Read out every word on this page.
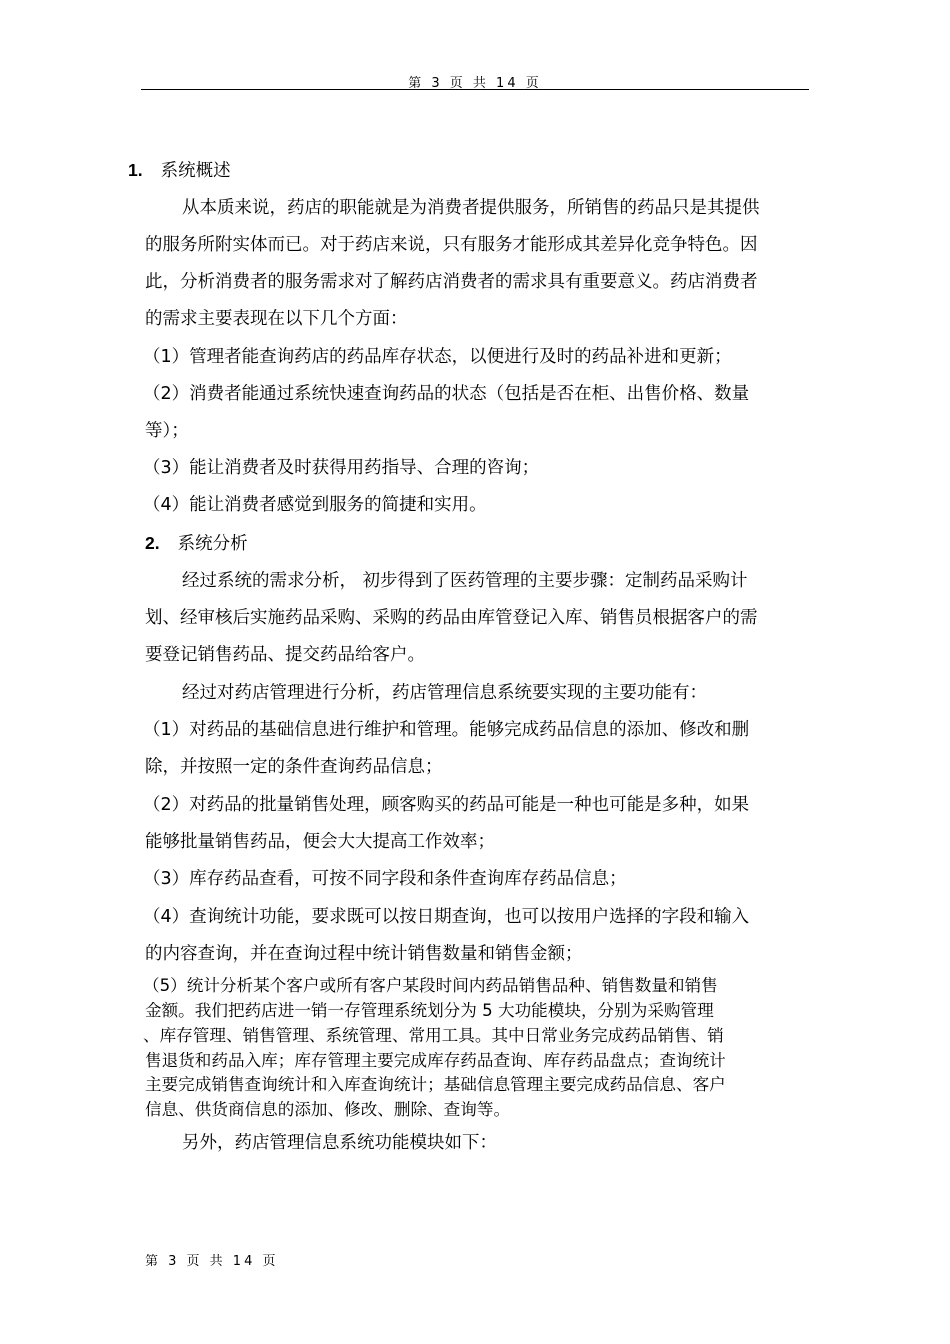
第 3 页 共 14 页
1. 系统概述
从本质来说，药店的职能就是为消费者提供服务，所销售的药品只是其提供
的服务所附实体而已。对于药店来说，只有服务才能形成其差异化竞争特色。因
此，分析消费者的服务需求对了解药店消费者的需求具有重要意义。药店消费者
的需求主要表现在以下几个方面：
（1）管理者能查询药店的药品库存状态，以便进行及时的药品补进和更新；
（2）消费者能通过系统快速查询药品的状态（包括是否在柜、出售价格、数量
等）；
（3）能让消费者及时获得用药指导、合理的咨询；
（4）能让消费者感觉到服务的简捷和实用。
2. 系统分析
经过系统的需求分析， 初步得到了医药管理的主要步骤：定制药品采购计
划、经审核后实施药品采购、采购的药品由库管登记入库、销售员根据客户的需
要登记销售药品、提交药品给客户。
经过对药店管理进行分析，药店管理信息系统要实现的主要功能有：
（1）对药品的基础信息进行维护和管理。能够完成药品信息的添加、修改和删
除，并按照一定的条件查询药品信息；
（2）对药品的批量销售处理，顾客购买的药品可能是一种也可能是多种，如果
能够批量销售药品，便会大大提高工作效率；
（3）库存药品查看，可按不同字段和条件查询库存药品信息；
（4）查询统计功能，要求既可以按日期查询，也可以按用户选择的字段和输入
的内容查询，并在查询过程中统计销售数量和销售金额；
（5）统计分析某个客户或所有客户某段时间内药品销售品种、销售数量和销售
金额。我们把药店进一销一存管理系统划分为 5 大功能模块，分别为采购管理
、库存管理、销售管理、系统管理、常用工具。其中日常业务完成药品销售、销
售退货和药品入库；库存管理主要完成库存药品查询、库存药品盘点；查询统计
主要完成销售查询统计和入库查询统计；基础信息管理主要完成药品信息、客户
信息、供货商信息的添加、修改、删除、查询等。
另外，药店管理信息系统功能模块如下：
第 3 页 共 14 页
